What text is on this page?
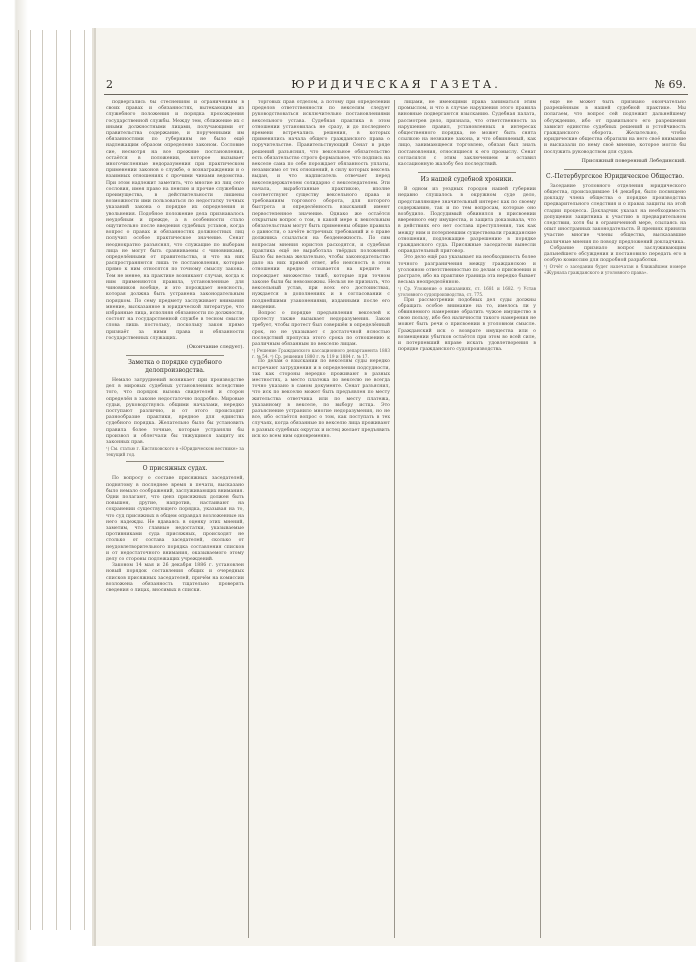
2	ЮРИДИЧЕСКАЯ ГАЗЕТА.	№ 69.
подвергались бы стеснениям и ограничениям в своих правах и обязанностях, вытекающим из служебного положения и порядка прохождения государственной службы. Между тем, сближение их с иными должностными лицами, получающими от правительства содержание, и порученными им обязанностями по губерниям не было ещё надлежащим образом определено законом. Сословие сие, несмотря на все прежние постановления, остаётся в положении, которое вызывает многочисленные недоразумения при практическом применении законов о службе, о вознаграждении и о взаимных отношениях с прочими чинами ведомства. При этом надлежит заметить, что многие из лиц сего сословия, имея право на пенсию и прочие служебные преимущества, в действительности лишены возможности ими пользоваться по недостатку точных указаний закона о порядке их определения и увольнения. Подобное положение дела признавалось неудобным и прежде, а в особенности стало ощутительно после введения судебных уставов, когда вопрос о правах и обязанностях должностных лиц получил особое практическое значение. Сенат неоднократно разъяснял, что служащие по выборам лица не могут быть сравниваемы с чиновниками, определёнными от правительства, и что на них распространяются лишь те постановления, которые прямо к ним относятся по точному смыслу закона. Тем не менее, на практике возникают случаи, когда к ним применяются правила, установленные для чиновников вообще, и это порождает неясность, которая должна быть устранена законодательным порядком. По сему предмету заслуживает внимания мнение, высказанное в юридической литературе, что избранные лица, исполняя обязанности по должности, состоят на государственной службе в тесном смысле слова лишь постольку, поскольку закон прямо признаёт за ними права и обязанности государственных служащих.
(Окончание следует).
Заметка о порядке судебного делопроизводства.
Немало затруднений возникает при производстве дел в мировых судебных установлениях вследствие того, что порядок вызова свидетелей и сторон определён в законе недостаточно подробно. Мировые судьи, руководствуясь общими началами, нередко поступают различно, и от этого происходит разнообразие практики, вредное для единства судебного порядка. Желательно было бы установить правила более точные, которые устраняли бы произвол и облегчали бы тяжущимся защиту их законных прав.
¹) См. статью г. Кистяковского в «Юридическом вестнике» за текущий год.
О присяжных судах.
По вопросу о составе присяжных заседателей, поднятому в последнее время в печати, высказано было немало соображений, заслуживающих внимания. Одни полагают, что ценз присяжных должен быть повышен, другие, напротив, настаивают на сохранении существующего порядка, указывая на то, что суд присяжных в общем оправдал возложенные на него надежды. Не вдаваясь в оценку этих мнений, заметим, что главные недостатки, указываемые противниками суда присяжных, происходят не столько от состава заседателей, сколько от неудовлетворительного порядка составления списков и от недостаточного внимания, оказываемого этому делу со стороны подлежащих учреждений.
Законом 14 мая и 26 декабря 1886 г. установлен новый порядок составления общих и очередных списков присяжных заседателей, причём на комиссии возложена обязанность тщательно проверять сведения о лицах, вносимых в списки.
торговых прав отделом, а потому при определении пределов ответственности по векселям следует руководствоваться исключительно постановлениями вексельного устава. Судебная практика в этом отношении установилась не сразу, и до последнего времени встречались решения, в которых применялись начала общего гражданского права о поручительстве. Правительствующий Сенат в ряде решений разъяснил, что вексельное обязательство есть обязательство строго формальное, что подпись на векселе сама по себе порождает обязанность уплаты, независимо от тех отношений, в силу которых вексель выдан, и что надписатель отвечает перед векселедержателем солидарно с векселедателем. Эти начала, выработанные практикою, вполне соответствуют существу вексельного права и требованиям торгового оборота, для которого быстрота и определённость взысканий имеют первостепенное значение. Однако же остаётся открытым вопрос о том, в какой мере к вексельным обязательствам могут быть применены общие правила о давности, о зачёте встречных требований и о праве должника ссылаться на безденежность. По сим вопросам мнения юристов расходятся, и судебная практика ещё не выработала твёрдых положений. Было бы весьма желательно, чтобы законодательство дало на них прямой ответ, ибо неясность в этом отношении вредно отзывается на кредите и порождает множество тяжб, которые при точном законе были бы невозможны. Нельзя не признать, что вексельный устав, при всех его достоинствах, нуждается в дополнениях и в согласовании с позднейшими узаконениями, изданными после его введения.
Вопрос о порядке предъявления векселей к протесту также вызывает недоразумения. Закон требует, чтобы протест был совершён в определённый срок, но не указывает с достаточной ясностью последствий пропуска этого срока по отношению к различным обязанным по векселю лицам.
¹) Решение Гражданского кассационного департамента 1883 г. № 54. ²) Ср. решения 1880 г. № 119 и 1884 г. № 17.
По делам о взыскании по векселям суды нередко встречают затруднения и в определении подсудности, так как стороны нередко проживают в разных местностях, а место платежа по векселю не всегда точно указано в самом документе. Сенат разъяснил, что иск по векселю может быть предъявлен по месту жительства ответчика или по месту платежа, указанному в векселе, по выбору истца. Это разъяснение устранило многие недоразумения, но не все, ибо остаётся вопрос о том, как поступать в тех случаях, когда обязанные по векселю лица проживают в разных судебных округах и истец желает предъявить иск ко всем ним одновременно.
лицами, не имеющими права заниматься этим промыслом, и что в случае нарушения этого правила виновные подвергаются взысканию. Судебная палата, рассмотрев дело, признала, что ответственность за нарушение правил, установленных в интересах общественного порядка, не может быть снята ссылкою на незнание закона, и что обвиняемый, как лицо, занимающееся торговлею, обязан был знать постановления, относящиеся к его промыслу. Сенат согласился с этим заключением и оставил кассационную жалобу без последствий.
Из нашей судебной хроники.
В одном из уездных городов нашей губернии недавно слушалось в окружном суде дело, представляющее значительный интерес как по своему содержанию, так и по тем вопросам, которые оно возбудило. Подсудимый обвинялся в присвоении вверенного ему имущества, и защита доказывала, что в действиях его нет состава преступления, так как между ним и потерпевшим существовали гражданские отношения, подлежащие разрешению в порядке гражданского суда. Присяжные заседатели вынесли оправдательный приговор.
Это дело ещё раз указывает на необходимость более точного разграничения между гражданскою и уголовною ответственностью по делам о присвоении и растрате, ибо на практике граница эта нередко бывает весьма неопределённою.
¹) Ср. Уложение о наказаниях, ст. 1681 и 1682. ²) Устав уголовного судопроизводства, ст. 775.
При рассмотрении подобных дел суды должны обращать особое внимание на то, имелось ли у обвиняемого намерение обратить чужое имущество в свою пользу, ибо без наличности такого намерения не может быть речи о присвоении в уголовном смысле. Гражданский иск о возврате имущества или о возмещении убытков остаётся при этом во всей силе, и потерпевший вправе искать удовлетворения в порядке гражданского судопроизводства.
ещё не может быть признано окончательно разрешённым в нашей судебной практике. Мы полагаем, что вопрос сей подлежит дальнейшему обсуждению, ибо от правильного его разрешения зависит единство судебных решений и устойчивость гражданского оборота. Желательно, чтобы юридические общества обратили на него своё внимание и высказали по нему своё мнение, которое могло бы послужить руководством для судов.
Присяжный поверенный Лебединский.
С.-Петербургское Юридическое Общество.
Заседание уголовного отделения юридического общества, происходившее 14 декабря, было посвящено докладу члена общества о порядке производства предварительного следствия и о правах защиты на этой стадии процесса. Докладчик указал на необходимость допущения защитника к участию в предварительном следствии, хотя бы в ограниченной мере, ссылаясь на опыт иностранных законодательств. В прениях приняли участие многие члены общества, высказавшие различные мнения по поводу предложений докладчика.
Собрание признало вопрос заслуживающим дальнейшего обсуждения и постановило передать его в особую комиссию для подробной разработки.
¹) Отчёт о заседании будет напечатан в ближайшем номере «Журнала гражданского и уголовного права».
